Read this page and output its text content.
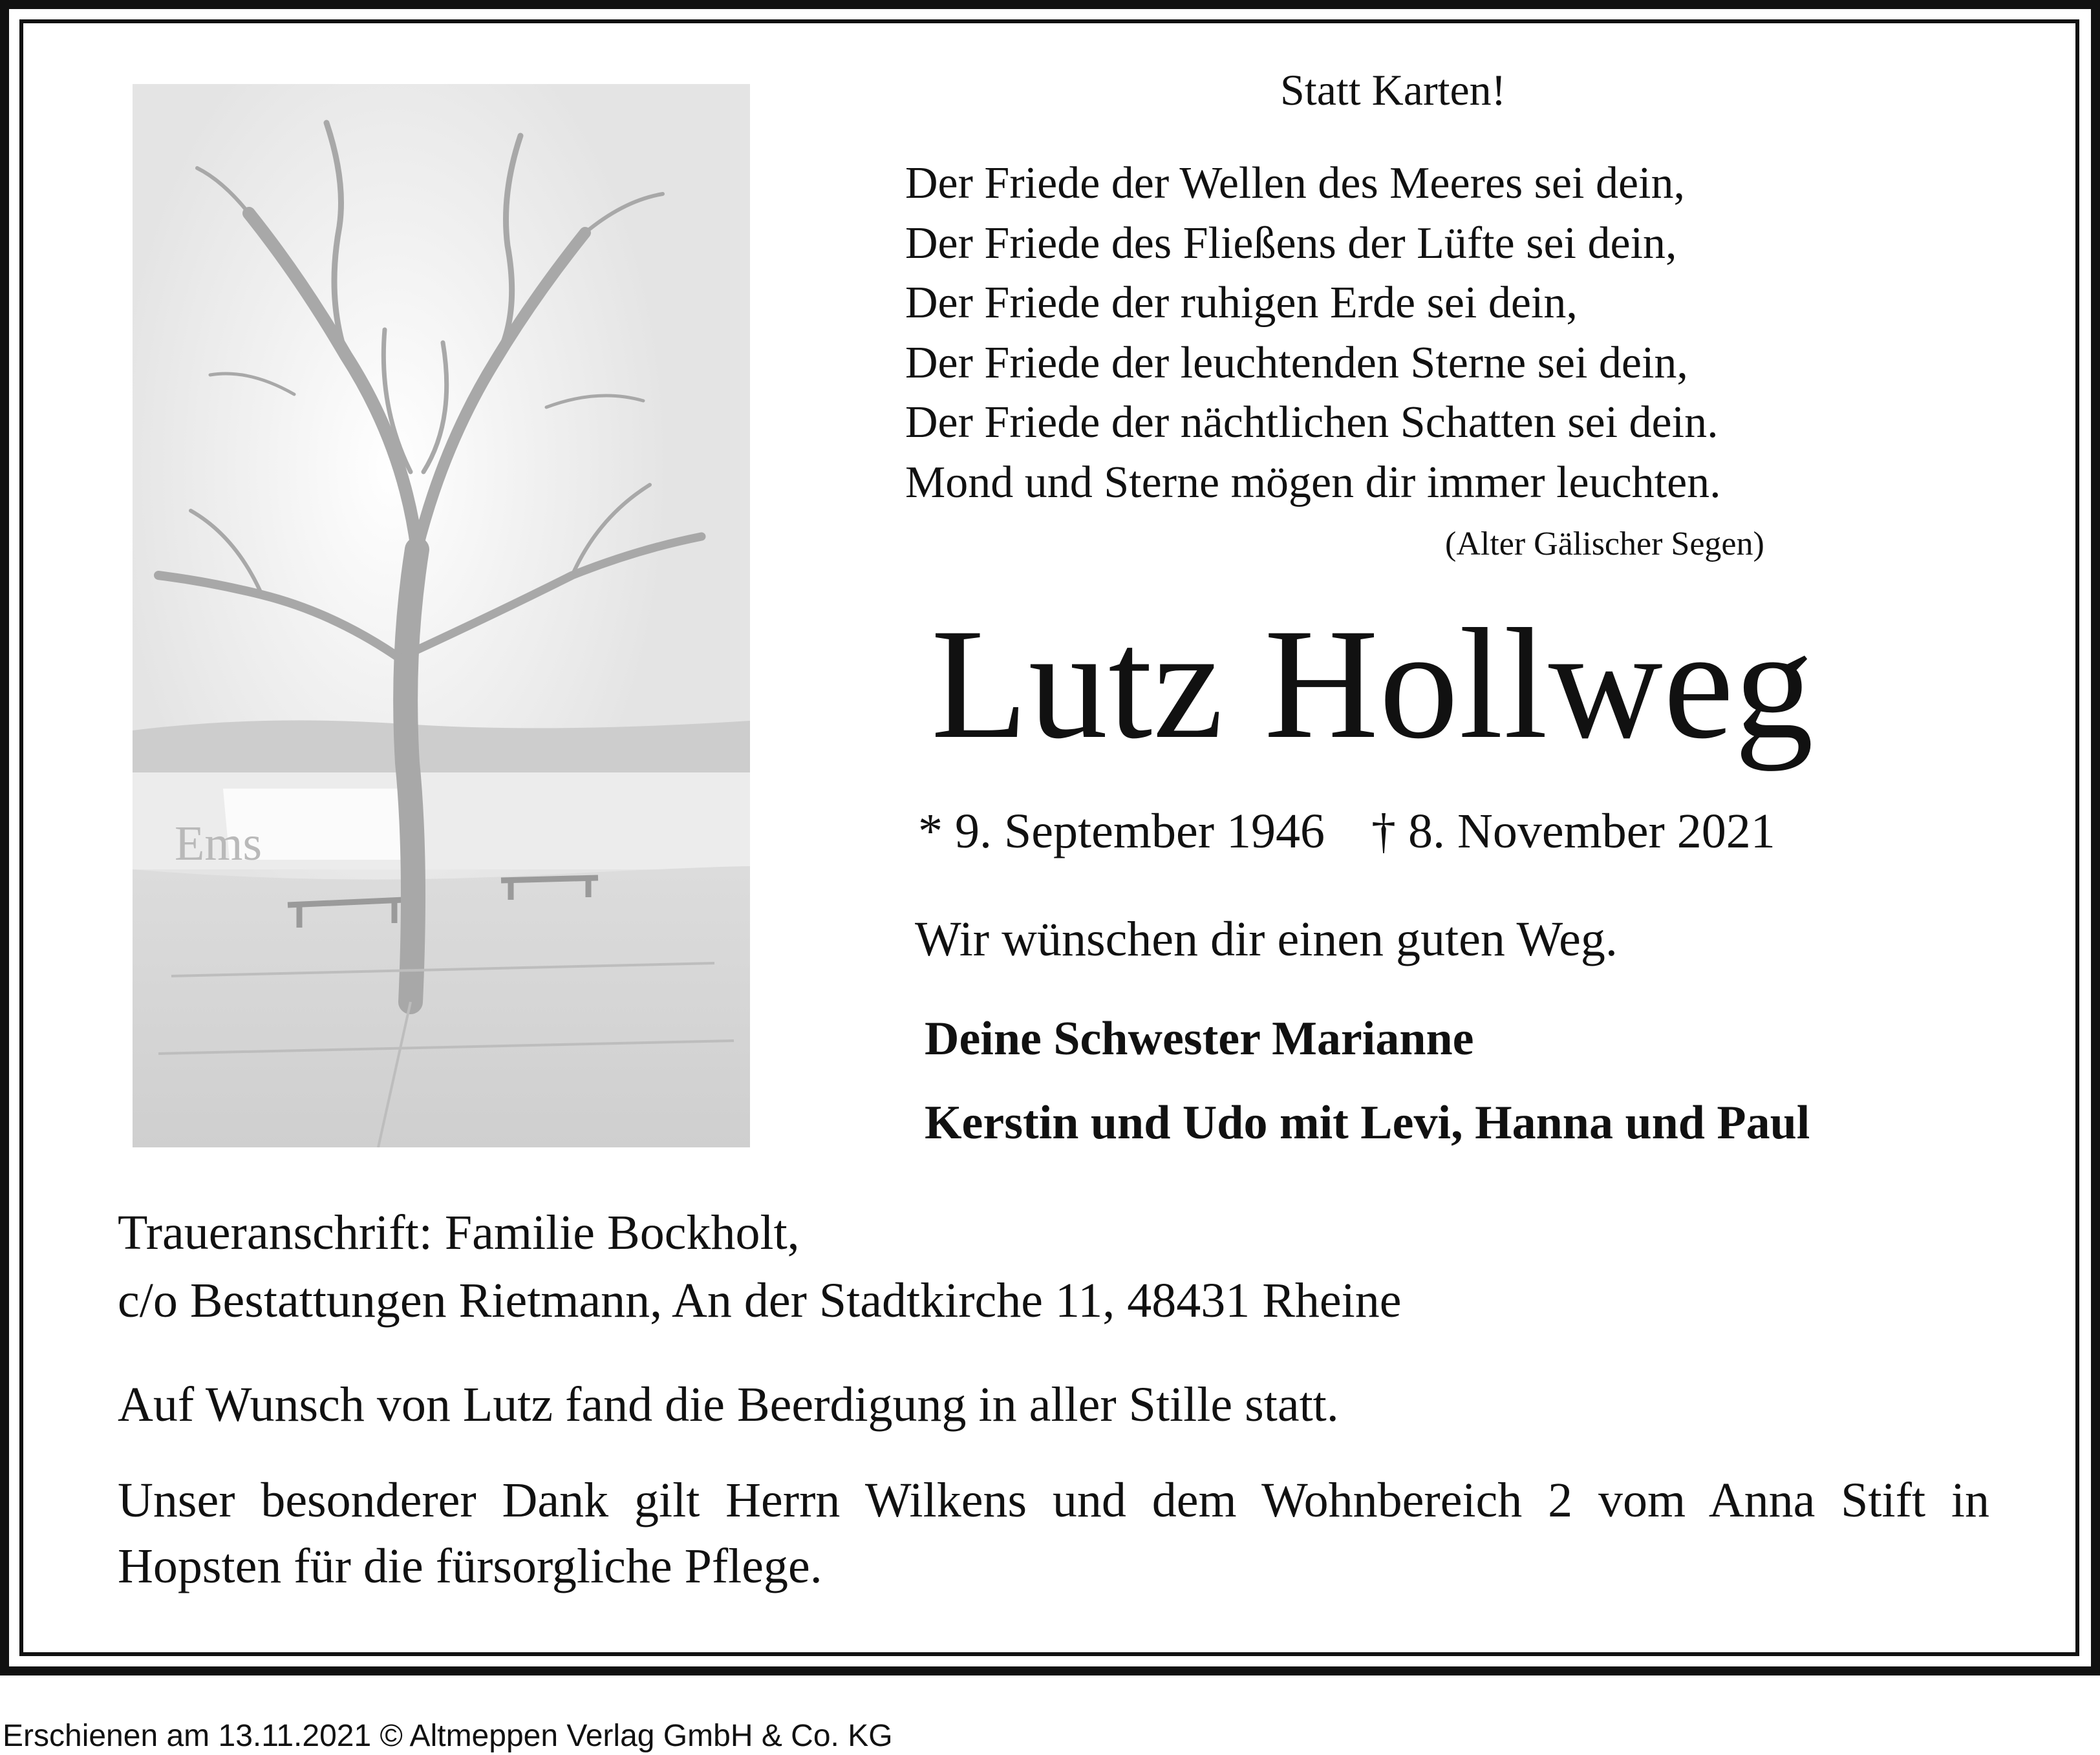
Ems
Statt Karten!
Der Friede der Wellen des Meeres sei dein,
Der Friede des Fließens der Lüfte sei dein,
Der Friede der ruhigen Erde sei dein,
Der Friede der leuchtenden Sterne sei dein,
Der Friede der nächtlichen Schatten sei dein.
Mond und Sterne mögen dir immer leuchten.
(Alter Gälischer Segen)
Lutz Hollweg
* 9. September 1946 † 8. November 2021
Wir wünschen dir einen guten Weg.
Deine Schwester Marianne
Kerstin und Udo mit Levi, Hanna und Paul
Traueranschrift: Familie Bockholt,
c/o Bestattungen Rietmann, An der Stadtkirche 11, 48431 Rheine
Auf Wunsch von Lutz fand die Beerdigung in aller Stille statt.
Unser besonderer Dank gilt Herrn Wilkens und dem Wohnbereich 2 vom Anna Stift in Hopsten für die fürsorgliche Pflege.
Erschienen am 13.11.2021 © Altmeppen Verlag GmbH & Co. KG
